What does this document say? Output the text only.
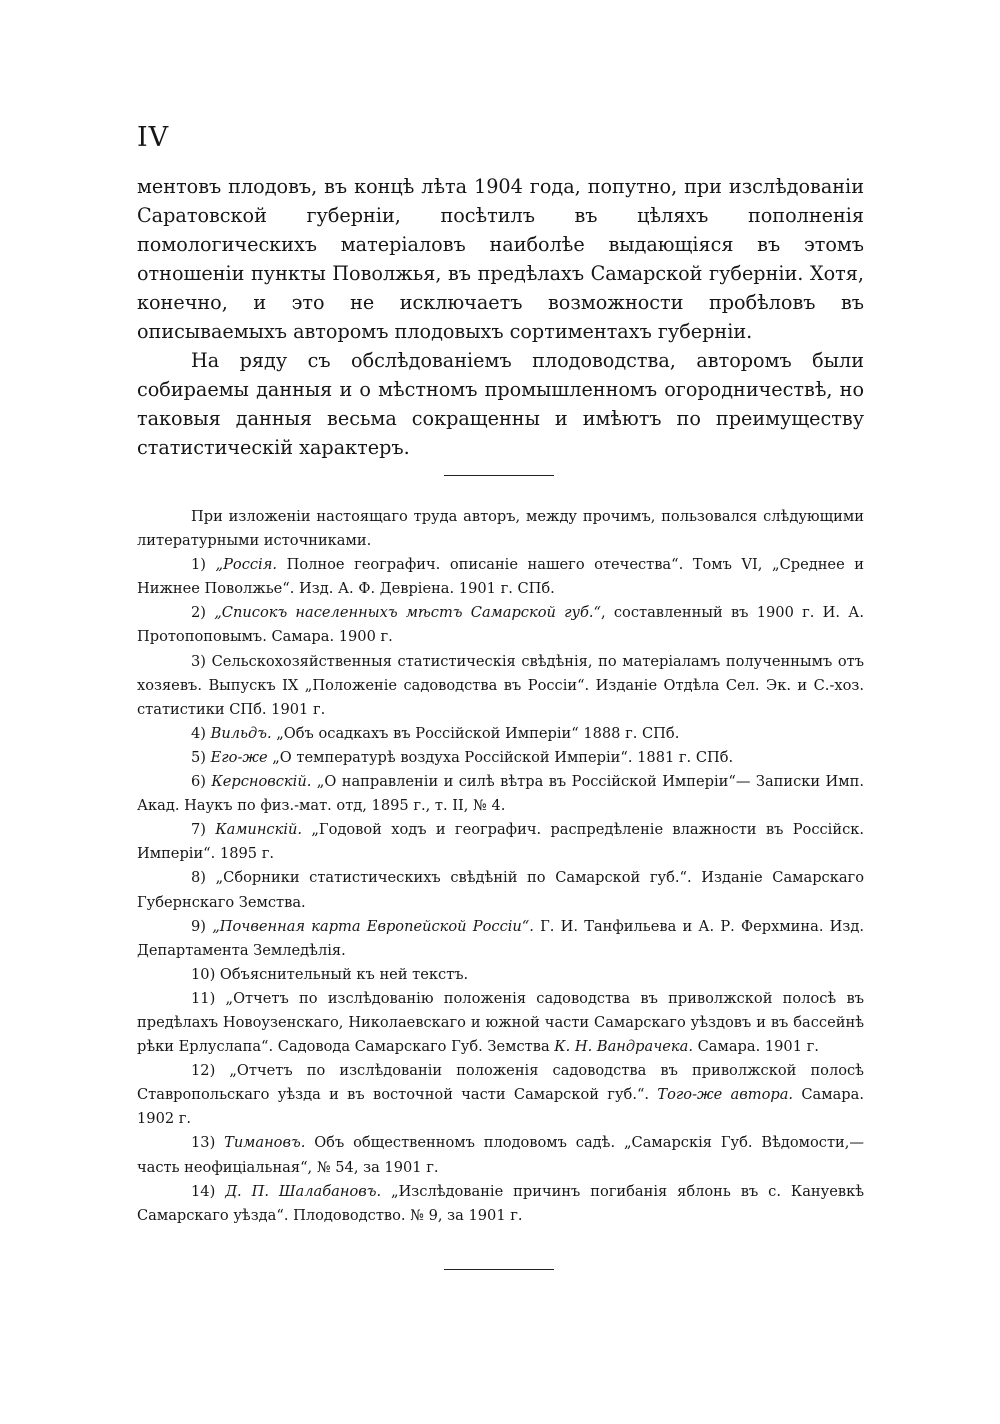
IV

ментовъ плодовъ, въ концѣ лѣта 1904 года, попутно, при изслѣдованіи Саратовской губерніи, посѣтилъ въ цѣляхъ пополненія помологическихъ матеріаловъ наиболѣе выдающіяся въ этомъ отношеніи пункты Поволжья, въ предѣлахъ Самарской губерніи. Хотя, конечно, и это не исключаетъ возможности пробѣловъ въ описываемыхъ авторомъ плодовыхъ сортиментахъ губерніи.

На ряду съ обслѣдованіемъ плодоводства, авторомъ были собираемы данныя и о мѣстномъ промышленномъ огородничествѣ, но таковыя данныя весьма сокращенны и имѣютъ по преимуществу статистическій характеръ.

При изложеніи настоящаго труда авторъ, между прочимъ, пользовался слѣдующими литературными источниками.

1) „Россія. Полное географич. описаніе нашего отечества“. Томъ VI, „Среднее и Нижнее Поволжье“. Изд. А. Ф. Девріена. 1901 г. СПб.

2) „Списокъ населенныхъ мѣстъ Самарской губ.“, составленный въ 1900 г. И. А. Протопоповымъ. Самара. 1900 г.

3) Сельскохозяйственныя статистическія свѣдѣнія, по матеріаламъ полученнымъ отъ хозяевъ. Выпускъ IX „Положеніе садоводства въ Россіи“. Изданіе Отдѣла Сел. Эк. и С.-хоз. статистики СПб. 1901 г.

4) Вильдъ. „Объ осадкахъ въ Россійской Имперіи“ 1888 г. СПб.

5) Его-же „О температурѣ воздуха Россійской Имперіи“. 1881 г. СПб.

6) Керсновскій. „О направленіи и силѣ вѣтра въ Россійской Имперіи“— Записки Имп. Акад. Наукъ по физ.-мат. отд, 1895 г., т. II, № 4.

7) Каминскій. „Годовой ходъ и географич. распредѣленіе влажности въ Россійск. Имперіи“. 1895 г.

8) „Сборники статистическихъ свѣдѣній по Самарской губ.“. Изданіе Самарскаго Губернскаго Земства.

9) „Почвенная карта Европейской Россіи“. Г. И. Танфильева и А. Р. Ферхмина. Изд. Департамента Земледѣлія.

10) Объяснительный къ ней текстъ.

11) „Отчетъ по изслѣдованію положенія садоводства въ приволжской полосѣ въ предѣлахъ Новоузенскаго, Николаевскаго и южной части Самарскаго уѣздовъ и въ бассейнѣ рѣки Ерлуслапа“. Садовода Самарскаго Губ. Земства К. Н. Вандрачека. Самара. 1901 г.

12) „Отчетъ по изслѣдованіи положенія садоводства въ приволжской полосѣ Ставропольскаго уѣзда и въ восточной части Самарской губ.“. Того-же автора. Самара. 1902 г.

13) Тимановъ. Объ общественномъ плодовомъ садѣ. „Самарскія Губ. Вѣдомости,—часть неофиціальная“, № 54, за 1901 г.

14) Д. П. Шалабановъ. „Изслѣдованіе причинъ погибанія яблонь въ с. Кануевкѣ Самарскаго уѣзда“. Плодоводство. № 9, за 1901 г.
